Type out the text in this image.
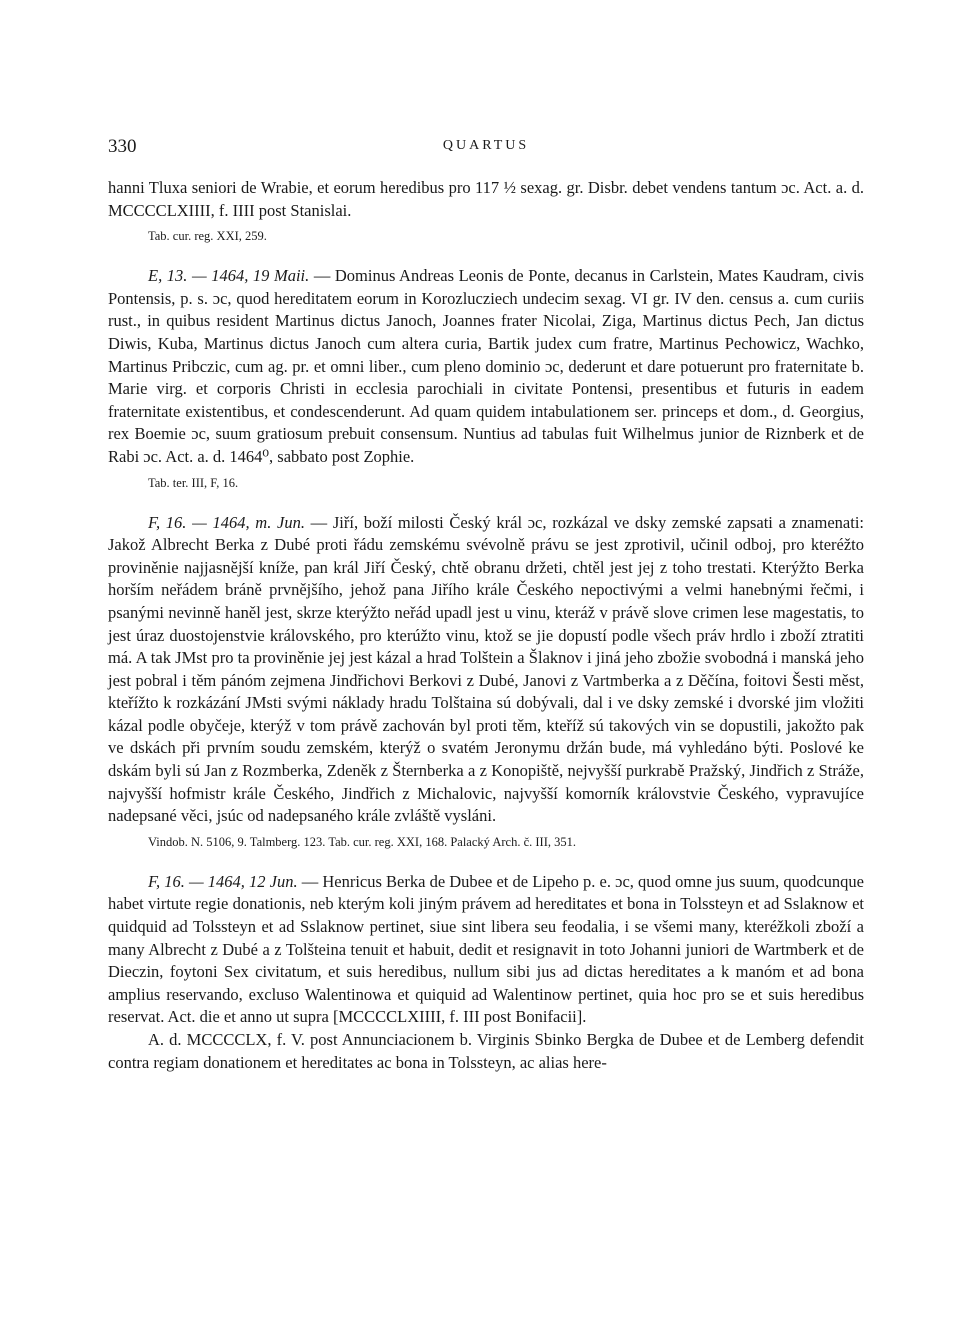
330	QUARTUS

hanni Tluxa seniori de Wrabie, et eorum heredibus pro 117 ½ sexag. gr. Disbr. debet vendens tantum ɔc. Act. a. d. MCCCCLXIIII, f. IIII post Stanislai.

Tab. cur. reg. XXI, 259.

E, 13. — 1464, 19 Maii. — Dominus Andreas Leonis de Ponte, decanus in Carlstein, Mates Kaudram, civis Pontensis, p. s. ɔc, quod hereditatem eorum in Korozlucziech undecim sexag. VI gr. IV den. census a. cum curiis rust., in quibus resident Martinus dictus Janoch, Joannes frater Nicolai, Ziga, Martinus dictus Pech, Jan dictus Diwis, Kuba, Martinus dictus Janoch cum altera curia, Bartik judex cum fratre, Martinus Pechowicz, Wachko, Martinus Pribczic, cum ag. pr. et omni liber., cum pleno dominio ɔc, dederunt et dare potuerunt pro fraternitate b. Marie virg. et corporis Christi in ecclesia parochiali in civitate Pontensi, presentibus et futuris in eadem fraternitate existentibus, et condescenderunt. Ad quam quidem intabulationem ser. princeps et dom., d. Georgius, rex Boemie ɔc, suum gratiosum prebuit consensum. Nuntius ad tabulas fuit Wilhelmus junior de Riznberk et de Rabi ɔc. Act. a. d. 1464⁰, sabbato post Zophie.

Tab. ter. III, F, 16.

F, 16. — 1464, m. Jun. — Jiří, boží milosti Český král ɔc, rozkázal ve dsky zemské zapsati a znamenati: Jakož Albrecht Berka z Dubé proti řádu zemskému svévolně právu se jest zprotivil, učinil odboj, pro kteréžto proviněnie najjasnější kníže, pan král Jiří Český, chtě obranu držeti, chtěl jest jej z toho trestati. Kterýžto Berka horším neřádem bráně prvnějšího, jehož pana Jiřího krále Českého nepoctivými a velmi hanebnými řečmi, i psanými nevinně haněl jest, skrze kterýžto neřád upadl jest u vinu, kteráž v právě slove crimen lese magestatis, to jest úraz duostojenstvie královského, pro kterúžto vinu, ktož se jie dopustí podle všech práv hrdlo i zboží ztratiti má. A tak JMst pro ta proviněnie jej jest kázal a hrad Tolštein a Šlaknov i jiná jeho zbožie svobodná i manská jeho jest pobral i těm pánóm zejmena Jindřichovi Berkovi z Dubé, Janovi z Vartmberka a z Děčína, foitovi Šesti měst, kteřížto k rozkázání JMsti svými náklady hradu Tolštaina sú dobývali, dal i ve dsky zemské i dvorské jim vložiti kázal podle obyčeje, kterýž v tom právě zachován byl proti těm, kteříž sú takových vin se dopustili, jakožto pak ve dskách při prvním soudu zemském, kterýž o svatém Jeronymu držán bude, má vyhledáno býti. Poslové ke dskám byli sú Jan z Rozmberka, Zdeněk z Šternberka a z Konopiště, nejvyšší purkrabě Pražský, Jindřich z Stráže, najvyšší hofmistr krále Českého, Jindřich z Michalovic, najvyšší komorník královstvie Českého, vypravujíce nadepsané věci, jsúc od nadepsaného krále zvláště vysláni.

Vindob. N. 5106, 9. Talmberg. 123. Tab. cur. reg. XXI, 168. Palacký Arch. č. III, 351.

F, 16. — 1464, 12 Jun. — Henricus Berka de Dubee et de Lipeho p. e. ɔc, quod omne jus suum, quodcunque habet virtute regie donationis, neb kterým koli jiným právem ad hereditates et bona in Tolssteyn et ad Sslaknow et quidquid ad Tolssteyn et ad Sslaknow pertinet, siue sint libera seu feodalia, i se všemi many, kteréžkoli zboží a many Albrecht z Dubé a z Tolšteina tenuit et habuit, dedit et resignavit in toto Johanni juniori de Wartmberk et de Dieczin, foytoni Sex civitatum, et suis heredibus, nullum sibi jus ad dictas hereditates a k manóm et ad bona amplius reservando, excluso Walentinowa et quiquid ad Walentinow pertinet, quia hoc pro se et suis heredibus reservat. Act. die et anno ut supra [MCCCCLXIIII, f. III post Bonifacii].

A. d. MCCCCLX, f. V. post Annunciacionem b. Virginis Sbinko Bergka de Dubee et de Lemberg defendit contra regiam donationem et hereditates ac bona in Tolssteyn, ac alias here-
